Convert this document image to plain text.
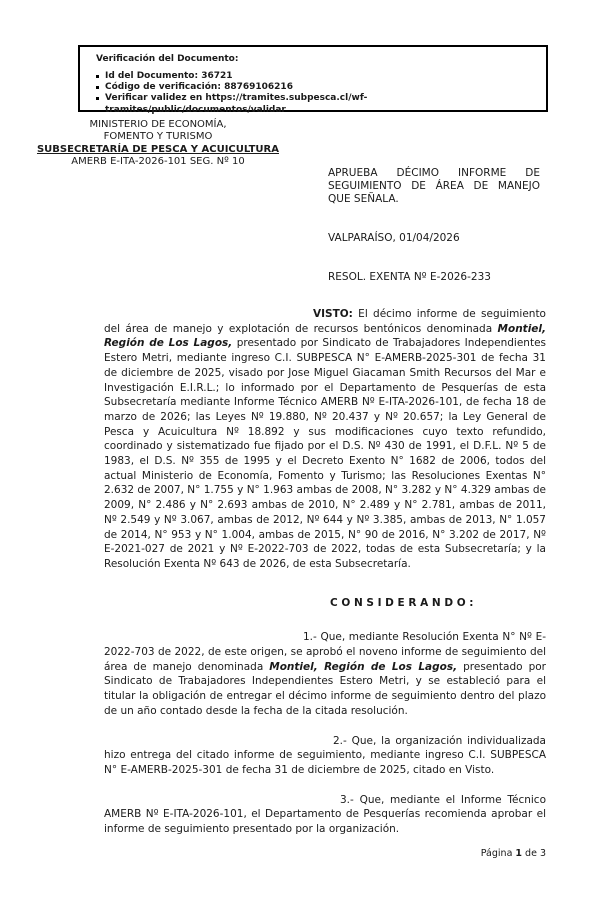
Verificación del Documento:
Id del Documento: 36721
Código de verificación: 88769106216
Verificar validez en https://tramites.subpesca.cl/wf-tramites/public/documentos/validar
MINISTERIO DE ECONOMÍA,
FOMENTO Y TURISMO
SUBSECRETARÍA DE PESCA Y ACUICULTURA
AMERB E-ITA-2026-101 SEG. Nº 10
APRUEBA DÉCIMO INFORME DE SEGUIMIENTO DE ÁREA DE MANEJO QUE SEÑALA.
VALPARAÍSO, 01/04/2026
RESOL. EXENTA Nº E-2026-233

VISTO: El décimo informe de seguimiento del área de manejo y explotación de recursos bentónicos denominada Montiel, Región de Los Lagos, presentado por Sindicato de Trabajadores Independientes Estero Metri, mediante ingreso C.I. SUBPESCA N° E-AMERB-2025-301 de fecha 31 de diciembre de 2025, visado por Jose Miguel Giacaman Smith Recursos del Mar e Investigación E.I.R.L.; lo informado por el Departamento de Pesquerías de esta Subsecretaría mediante Informe Técnico AMERB Nº E-ITA-2026-101, de fecha 18 de marzo de 2026; las Leyes Nº 19.880, Nº 20.437 y Nº 20.657; la Ley General de Pesca y Acuicultura Nº 18.892 y sus modificaciones cuyo texto refundido, coordinado y sistematizado fue fijado por el D.S. Nº 430 de 1991, el D.F.L. Nº 5 de 1983, el D.S. Nº 355 de 1995 y el Decreto Exento N° 1682 de 2006, todos del actual Ministerio de Economía, Fomento y Turismo; las Resoluciones Exentas N° 2.632 de 2007, N° 1.755 y N° 1.963 ambas de 2008, N° 3.282 y N° 4.329 ambas de 2009, N° 2.486 y N° 2.693 ambas de 2010, N° 2.489 y N° 2.781, ambas de 2011, Nº 2.549 y Nº 3.067, ambas de 2012, Nº 644 y Nº 3.385, ambas de 2013, N° 1.057 de 2014, N° 953 y N° 1.004, ambas de 2015, N° 90 de 2016, N° 3.202 de 2017, Nº E-2021-027 de 2021 y Nº E-2022-703 de 2022, todas de esta Subsecretaría; y la Resolución Exenta Nº 643 de 2026, de esta Subsecretaría.

C O N S I D E R A N D O :

1.- Que, mediante Resolución Exenta N° Nº E-2022-703 de 2022, de este origen, se aprobó el noveno informe de seguimiento del área de manejo denominada Montiel, Región de Los Lagos, presentado por Sindicato de Trabajadores Independientes Estero Metri, y se estableció para el titular la obligación de entregar el décimo informe de seguimiento dentro del plazo de un año contado desde la fecha de la citada resolución.

2.- Que, la organización individualizada hizo entrega del citado informe de seguimiento, mediante ingreso C.I. SUBPESCA N° E-AMERB-2025-301 de fecha 31 de diciembre de 2025, citado en Visto.

3.- Que, mediante el Informe Técnico AMERB Nº E-ITA-2026-101, el Departamento de Pesquerías recomienda aprobar el informe de seguimiento presentado por la organización.

Página 1 de 3
